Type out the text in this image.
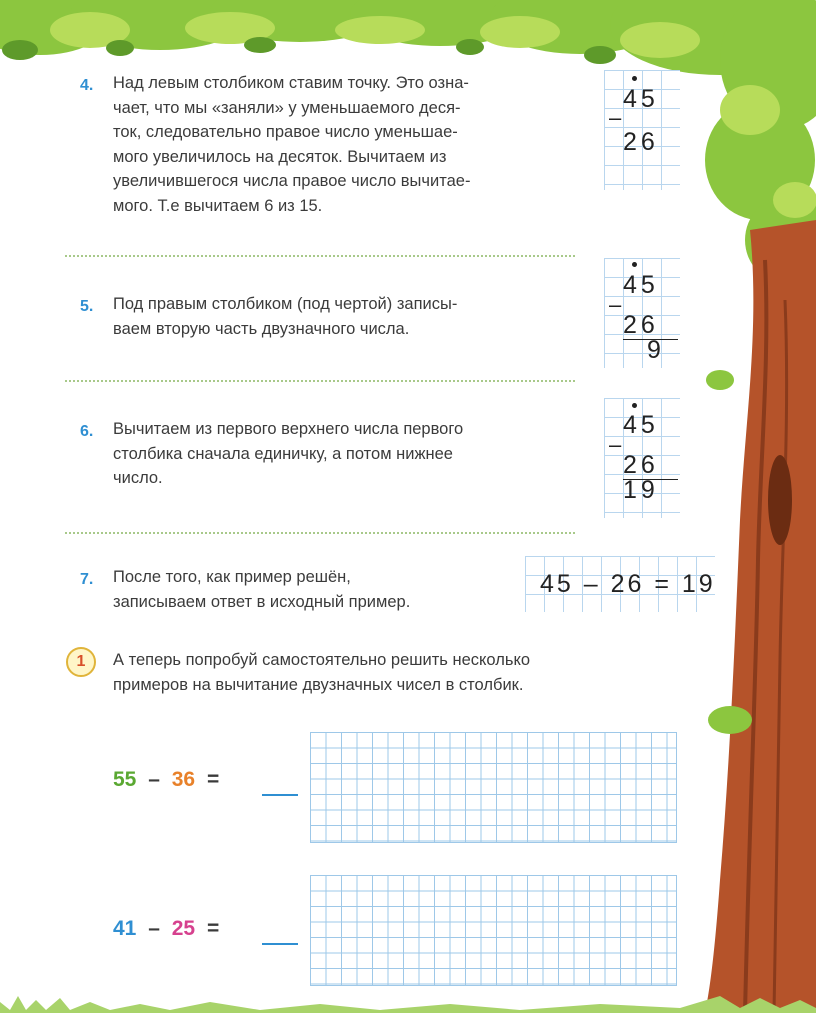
4. Над левым столбиком ставим точку. Это озна-
чает, что мы «заняли» у уменьшаемого деся-
ток, следовательно правое число уменьшае-
мого увеличилось на десяток. Вычитаем из
увеличившегося числа правое число вычитае-
мого. Т.е вычитаем 6 из 15.
45
–
26
5. Под правым столбиком (под чертой) записы-
ваем вторую часть двузначного числа.
45
–
26
9
6. Вычитаем из первого верхнего числа первого
столбика сначала единичку, а потом нижнее
число.
45
–
26
19
7. После того, как пример решён,
записываем ответ в исходный пример.
45 – 26 = 19
1	А теперь попробуй самостоятельно решить несколько
примеров на вычитание двузначных чисел в столбик.
55 – 36 =
41 – 25 =
